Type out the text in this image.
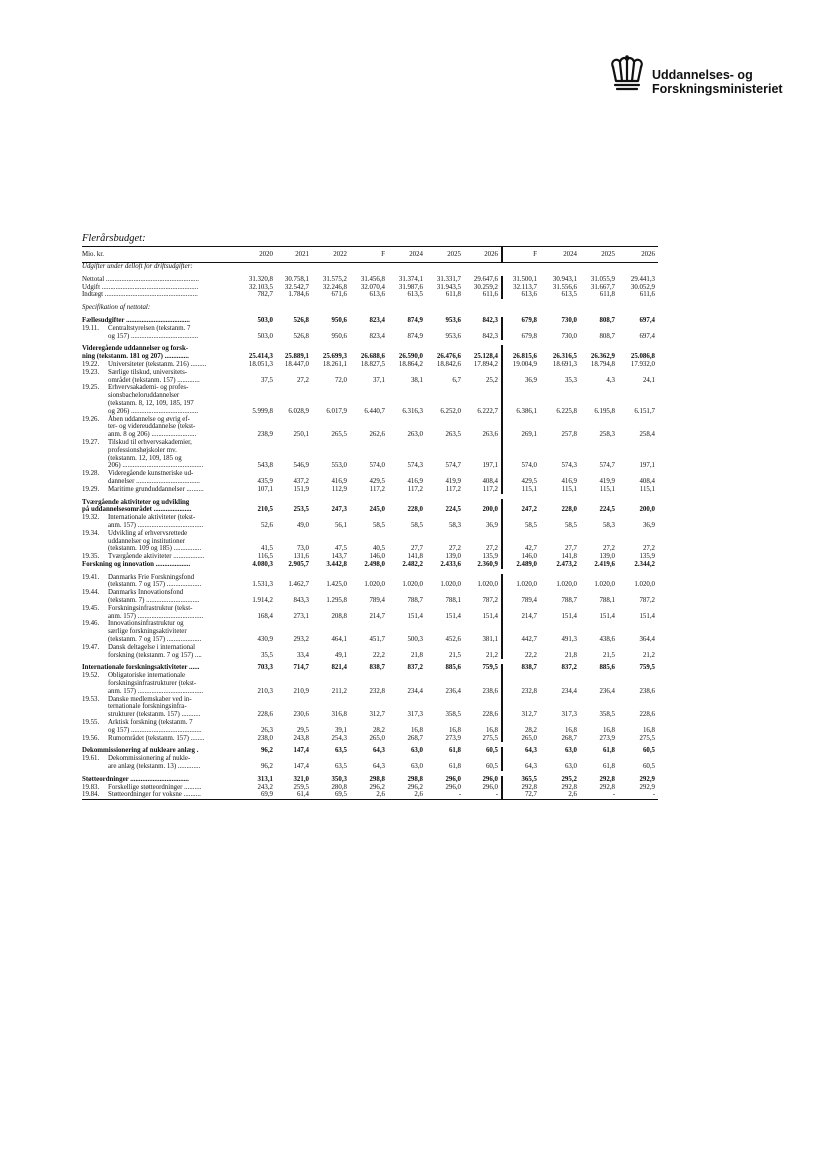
Uddannelses- og
Forskningsministeriet
Flerårsbudget:
Mio. kr.	2020	2021	2022	F	2024	2025	2026	F	2024	2025	2026
Udgifter under delloft for driftsudgifter:											

Nettotal ......................................................	31.320,8	30.758,1	31.575,2	31.456,8	31.374,1	31.331,7	29.647,6	31.500,1	30.943,1	31.055,9	29.441,3
Udgift ........................................................	32.103,5	32.542,7	32.246,8	32.070,4	31.987,6	31.943,5	30.259,2	32.113,7	31.556,6	31.667,7	30.052,9
Indtægt ......................................................	782,7	1.784,6	671,6	613,6	613,5	611,8	611,6	613,6	613,5	611,8	611,6

Specifikation af nettotal:											

Fællesudgifter .....................................	503,0	526,8	950,6	823,4	874,9	953,6	842,3	679,8	730,0	808,7	697,4
19.11. Centraltstyrelsen (tekstanm. 7											
og 157) .......................................	503,0	526,8	950,6	823,4	874,9	953,6	842,3	679,8	730,0	808,7	697,4

Videregående uddannelser og forsk-											
ning (tekstanm. 181 og 207) ..............	25.414,3	25.889,1	25.699,3	26.688,6	26.590,0	26.476,6	25.128,4	26.815,6	26.316,5	26.362,9	25.086,8
19.22. Universiteter (tekstanm. 216) .........	18.051,3	18.447,0	18.261,1	18.827,5	18.864,2	18.842,6	17.894,2	19.004,9	18.691,3	18.794,8	17.932,0
19.23. Særlige tilskud, universitets-											
området (tekstanm. 157) .............	37,5	27,2	72,0	37,1	38,1	6,7	25,2	36,9	35,3	4,3	24,1
19.25. Erhvervsakademi- og profes-											
sionsbacheloruddannelser											
(tekstanm. 8, 12, 109, 185, 197											
og 206) .......................................	5.999,8	6.028,9	6.017,9	6.440,7	6.316,3	6.252,0	6.222,7	6.386,1	6.225,8	6.195,8	6.151,7
19.26. Åben uddannelse og øvrig ef-											
ter- og videreuddannelse (tekst-											
anm. 8 og 206) ..........................	238,9	250,1	265,5	262,6	263,0	263,5	263,6	269,1	257,8	258,3	258,4
19.27. Tilskud til erhvervsakademier,											
professionshøjskoler mv.											
(tekstanm. 12, 109, 185 og											
206) ...............................................	543,8	546,9	553,0	574,0	574,3	574,7	197,1	574,0	574,3	574,7	197,1
19.28. Videregående kunstneriske ud-											
dannelser .....................................	435,9	437,2	416,9	429,5	416,9	419,9	408,4	429,5	416,9	419,9	408,4
19.29. Maritime grunduddannelser ..........	107,1	151,9	112,9	117,2	117,2	117,2	117,2	115,1	115,1	115,1	115,1

Tværgående aktiviteter og udvikling											
på uddannelsesområdet ......................	210,5	253,5	247,3	245,0	228,0	224,5	200,0	247,2	228,0	224,5	200,0
19.32. Internationale aktiviteter (tekst-											
anm. 157) ......................................	52,6	49,0	56,1	58,5	58,5	58,3	36,9	58,5	58,5	58,3	36,9
19.34. Udvikling af erhvervsrettede											
uddannelser og institutioner											
(tekstanm. 109 og 185) ................	41,5	73,0	47,5	40,5	27,7	27,2	27,2	42,7	27,7	27,2	27,2
19.35. Tværgående aktiviteter ..................	116,5	131,6	143,7	146,0	141,8	139,0	135,9	146,0	141,8	139,0	135,9
Forskning og innovation ....................	4.080,3	2.905,7	3.442,8	2.498,0	2.482,2	2.433,6	2.360,9	2.489,0	2.473,2	2.419,6	2.344,2

19.41. Danmarks Frie Forskningsfond											
(tekstanm. 7 og 157) ....................	1.531,3	1.462,7	1.425,0	1.020,0	1.020,0	1.020,0	1.020,0	1.020,0	1.020,0	1.020,0	1.020,0
19.44. Danmarks Innovationsfond											
(tekstanm. 7) ...............................	1.914,2	843,3	1.295,8	789,4	788,7	788,1	787,2	789,4	788,7	788,1	787,2
19.45. Forskningsinfrastruktur (tekst-											
anm. 157) ......................................	168,4	273,1	208,8	214,7	151,4	151,4	151,4	214,7	151,4	151,4	151,4
19.46. Innovationsinfrastruktur og											
særlige forskningsaktiviteter											
(tekstanm. 7 og 157) ....................	430,9	293,2	464,1	451,7	500,3	452,6	381,1	442,7	491,3	438,6	364,4
19.47. Dansk deltagelse i international											
forskning (tekstanm. 7 og 157) ....	35,5	33,4	49,1	22,2	21,8	21,5	21,2	22,2	21,8	21,5	21,2

Internationale forskningsaktiviteter ......	703,3	714,7	821,4	838,7	837,2	885,6	759,5	838,7	837,2	885,6	759,5
19.52. Obligatoriske internationale											
forskningsinfrastrukturer (tekst-											
anm. 157) ......................................	210,3	210,9	211,2	232,8	234,4	236,4	238,6	232,8	234,4	236,4	238,6
19.53. Danske medlemskaber ved in-											
ternationale forskningsinfra-											
strukturer (tekstanm. 157) ...........	228,6	230,6	316,8	312,7	317,3	358,5	228,6	312,7	317,3	358,5	228,6
19.55. Arktisk forskning (tekstanm. 7											
og 157) .........................................	26,3	29,5	39,1	28,2	16,8	16,8	16,8	28,2	16,8	16,8	16,8
19.56. Rumområdet (tekstanm. 157) ........	238,0	243,8	254,3	265,0	268,7	273,9	275,5	265,0	268,7	273,9	275,5

Dekommissionering af nukleare anlæg .	96,2	147,4	63,5	64,3	63,0	61,8	60,5	64,3	63,0	61,8	60,5
19.61. Dekommissionering af nukle-											
are anlæg (tekstanm. 13) .............	96,2	147,4	63,5	64,3	63,0	61,8	60,5	64,3	63,0	61,8	60,5

Støtteordninger ..................................	313,1	321,0	350,3	298,8	298,8	296,0	296,0	365,5	295,2	292,8	292,9
19.83. Forskellige støtteordninger ..........	243,2	259,5	280,8	296,2	296,2	296,0	296,0	292,8	292,8	292,8	292,9
19.84. Støtteordninger for voksne ..........	69,9	61,4	69,5	2,6	2,6	-	-	72,7	2,6	-	-
